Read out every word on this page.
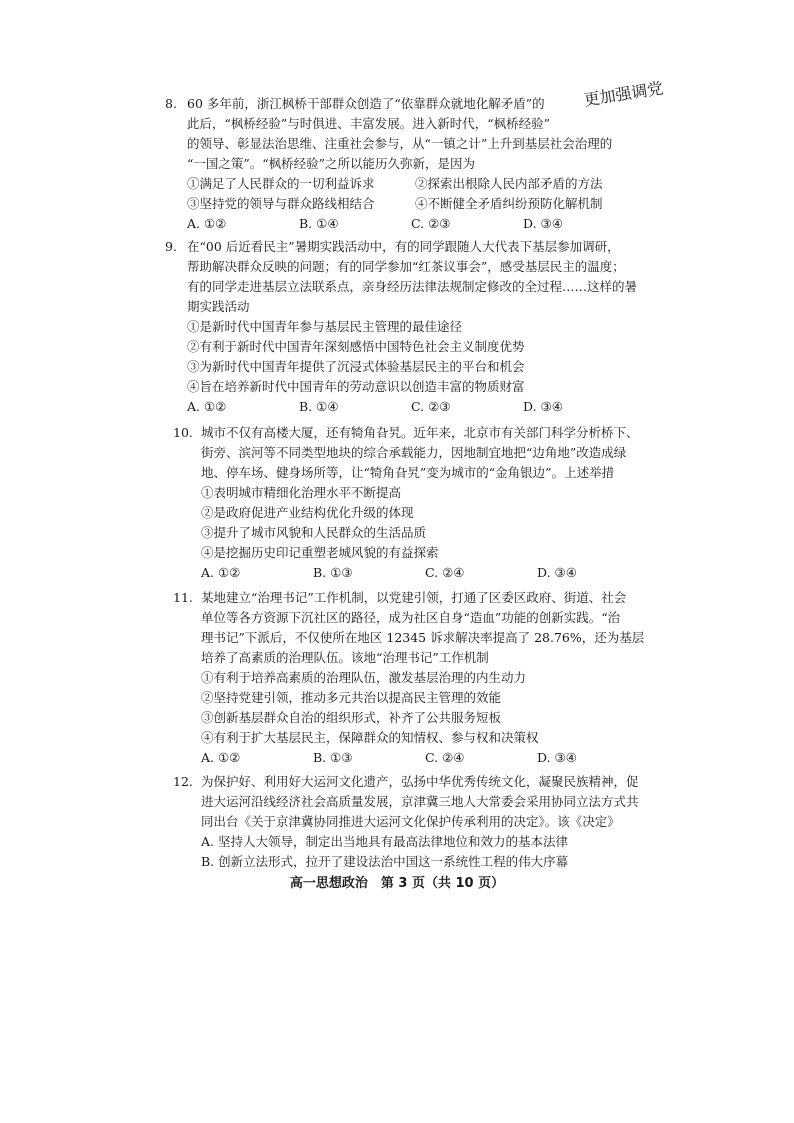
8. 60 多年前，浙江枫桥干部群众创造了“依靠群众就地化解矛盾”的
此后，“枫桥经验”与时俱进、丰富发展。进入新时代，“枫桥经验”
的领导、彰显法治思维、注重社会参与，从“一镇之计”上升到基层社会治理的
“一国之策”。“枫桥经验”之所以能历久弥新，是因为
①满足了人民群众的一切利益诉求	②探索出根除人民内部矛盾的方法
③坚持党的领导与群众路线相结合	④不断健全矛盾纠纷预防化解机制
A. ①②	B. ①④	C. ②③	D. ③④
更加强调党
9. 在“00 后近看民主”暑期实践活动中，有的同学跟随人大代表下基层参加调研，
帮助解决群众反映的问题；有的同学参加“红茶议事会”，感受基层民主的温度；
有的同学走进基层立法联系点，亲身经历法律法规制定修改的全过程……这样的暑
期实践活动
①是新时代中国青年参与基层民主管理的最佳途径
②有利于新时代中国青年深刻感悟中国特色社会主义制度优势
③为新时代中国青年提供了沉浸式体验基层民主的平台和机会
④旨在培养新时代中国青年的劳动意识以创造丰富的物质财富
A. ①②	B. ①④	C. ②③	D. ③④
10. 城市不仅有高楼大厦，还有犄角旮旯。近年来，北京市有关部门科学分析桥下、
街旁、滨河等不同类型地块的综合承载能力，因地制宜地把“边角地”改造成绿
地、停车场、健身场所等，让“犄角旮旯”变为城市的“金角银边”。上述举措
①表明城市精细化治理水平不断提高
②是政府促进产业结构优化升级的体现
③提升了城市风貌和人民群众的生活品质
④是挖掘历史印记重塑老城风貌的有益探索
A. ①②	B. ①③	C. ②④	D. ③④
11. 某地建立“治理书记”工作机制，以党建引领，打通了区委区政府、街道、社会
单位等各方资源下沉社区的路径，成为社区自身“造血”功能的创新实践。“治
理书记”下派后，不仅使所在地区 12345 诉求解决率提高了 28.76%，还为基层
培养了高素质的治理队伍。该地“治理书记”工作机制
①有利于培养高素质的治理队伍，激发基层治理的内生动力
②坚持党建引领，推动多元共治以提高民主管理的效能
③创新基层群众自治的组织形式，补齐了公共服务短板
④有利于扩大基层民主，保障群众的知情权、参与权和决策权
A. ①②	B. ①③	C. ②④	D. ③④
12. 为保护好、利用好大运河文化遗产，弘扬中华优秀传统文化，凝聚民族精神，促
进大运河沿线经济社会高质量发展，京津冀三地人大常委会采用协同立法方式共
同出台《关于京津冀协同推进大运河文化保护传承利用的决定》。该《决定》
A. 坚持人大领导，制定出当地具有最高法律地位和效力的基本法律
B. 创新立法形式，拉开了建设法治中国这一系统性工程的伟大序幕
高一思想政治　第 3 页（共 10 页）
